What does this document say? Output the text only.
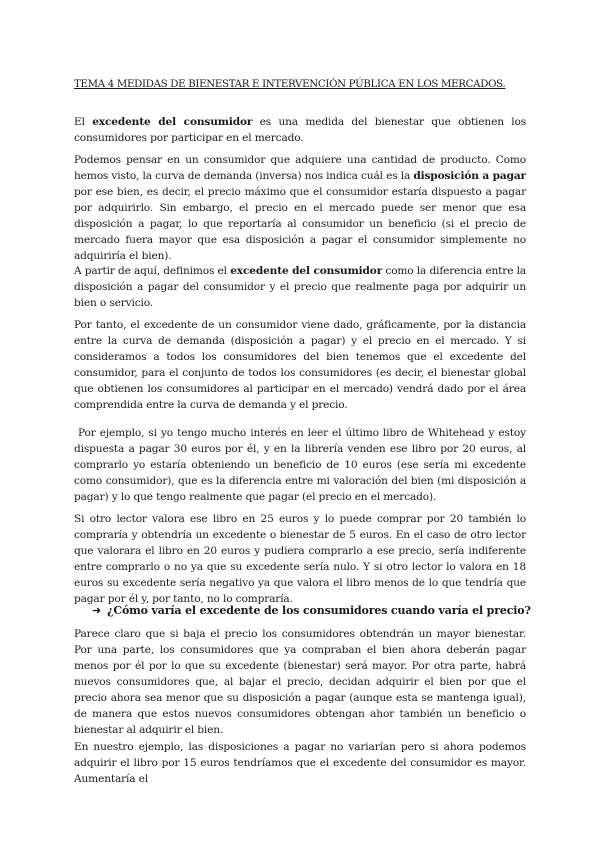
TEMA 4 MEDIDAS DE BIENESTAR E INTERVENCIÓN PÚBLICA EN LOS MERCADOS.

El excedente del consumidor es una medida del bienestar que obtienen los consumidores por participar en el mercado.

Podemos pensar en un consumidor que adquiere una cantidad de producto. Como hemos visto, la curva de demanda (inversa) nos indica cuál es la disposición a pagar por ese bien, es decir, el precio máximo que el consumidor estaría dispuesto a pagar por adquirirlo. Sin embargo, el precio en el mercado puede ser menor que esa disposición a pagar, lo que reportaría al consumidor un beneficio (si el precio de mercado fuera mayor que esa disposición a pagar el consumidor simplemente no adquiriría el bien).

A partir de aquí, definimos el excedente del consumidor como la diferencia entre la disposición a pagar del consumidor y el precio que realmente paga por adquirir un bien o servicio.

Por tanto, el excedente de un consumidor viene dado, gráficamente, por la distancia entre la curva de demanda (disposición a pagar) y el precio en el mercado. Y si consideramos a todos los consumidores del bien tenemos que el excedente del consumidor, para el conjunto de todos los consumidores (es decir, el bienestar global que obtienen los consumidores al participar en el mercado) vendrá dado por el área comprendida entre la curva de demanda y el precio.

Por ejemplo, si yo tengo mucho interés en leer el último libro de Whitehead y estoy dispuesta a pagar 30 euros por él, y en la librería venden ese libro por 20 euros, al comprarlo yo estaría obteniendo un beneficio de 10 euros (ese sería mi excedente como consumidor), que es la diferencia entre mi valoración del bien (mi disposición a pagar) y lo que tengo realmente que pagar (el precio en el mercado).

Si otro lector valora ese libro en 25 euros y lo puede comprar por 20 también lo compraría y obtendría un excedente o bienestar de 5 euros. En el caso de otro lector que valorara el libro en 20 euros y pudiera comprarlo a ese precio, sería indiferente entre comprarlo o no ya que su excedente sería nulo. Y si otro lector lo valora en 18 euros su excedente sería negativo ya que valora el libro menos de lo que tendría que pagar por él y, por tanto, no lo compraría.

➜ ¿Cómo varía el excedente de los consumidores cuando varía el precio?

Parece claro que si baja el precio los consumidores obtendrán un mayor bienestar. Por una parte, los consumidores que ya compraban el bien ahora deberán pagar menos por él por lo que su excedente (bienestar) será mayor. Por otra parte, habrá nuevos consumidores que, al bajar el precio, decidan adquirir el bien por que el precio ahora sea menor que su disposición a pagar (aunque esta se mantenga igual), de manera que estos nuevos consumidores obtengan ahor también un beneficio o bienestar al adquirir el bien.

En nuestro ejemplo, las disposiciones a pagar no variarían pero si ahora podemos adquirir el libro por 15 euros tendríamos que el excedente del consumidor es mayor. Aumentaría el
